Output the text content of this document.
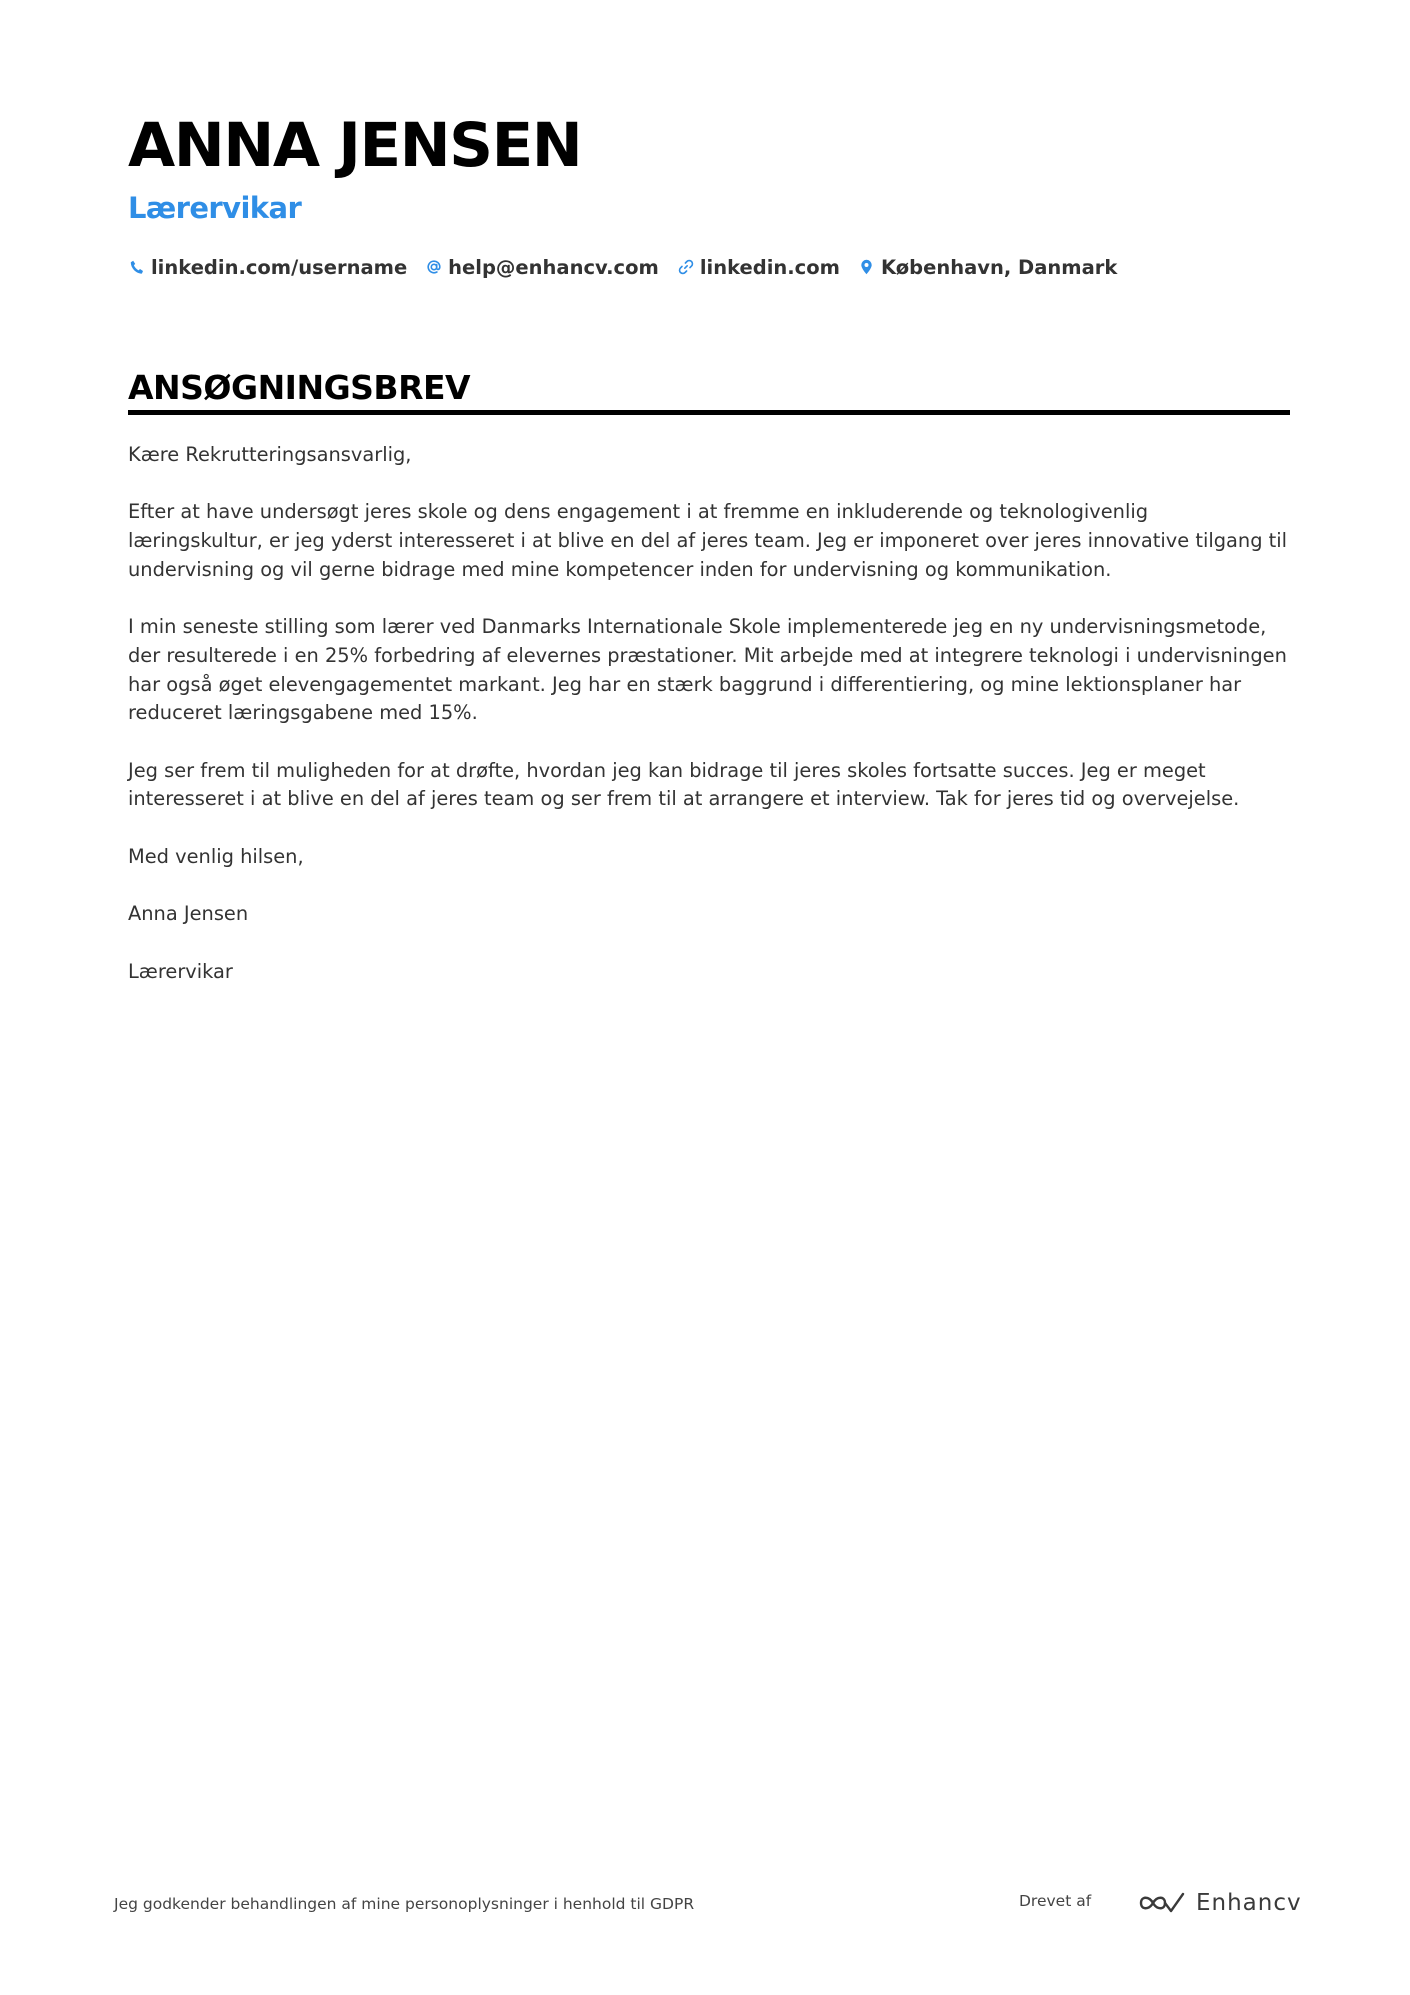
ANNA JENSEN
Lærervikar
linkedin.com/username help@enhancv.com linkedin.com København, Danmark
ANSØGNINGSBREV

Kære Rekrutteringsansvarlig,

Efter at have undersøgt jeres skole og dens engagement i at fremme en inkluderende og teknologivenlig læringskultur, er jeg yderst interesseret i at blive en del af jeres team. Jeg er imponeret over jeres innovative tilgang til undervisning og vil gerne bidrage med mine kompetencer inden for undervisning og kommunikation.

I min seneste stilling som lærer ved Danmarks Internationale Skole implementerede jeg en ny undervisningsmetode, der resulterede i en 25% forbedring af elevernes præstationer. Mit arbejde med at integrere teknologi i undervisningen har også øget elevengagementet markant. Jeg har en stærk baggrund i differentiering, og mine lektionsplaner har reduceret læringsgabene med 15%.

Jeg ser frem til muligheden for at drøfte, hvordan jeg kan bidrage til jeres skoles fortsatte succes. Jeg er meget interesseret i at blive en del af jeres team og ser frem til at arrangere et interview. Tak for jeres tid og overvejelse.

Med venlig hilsen,

Anna Jensen

Lærervikar

Jeg godkender behandlingen af mine personoplysninger i henhold til GDPR	Drevet af	Enhancv
